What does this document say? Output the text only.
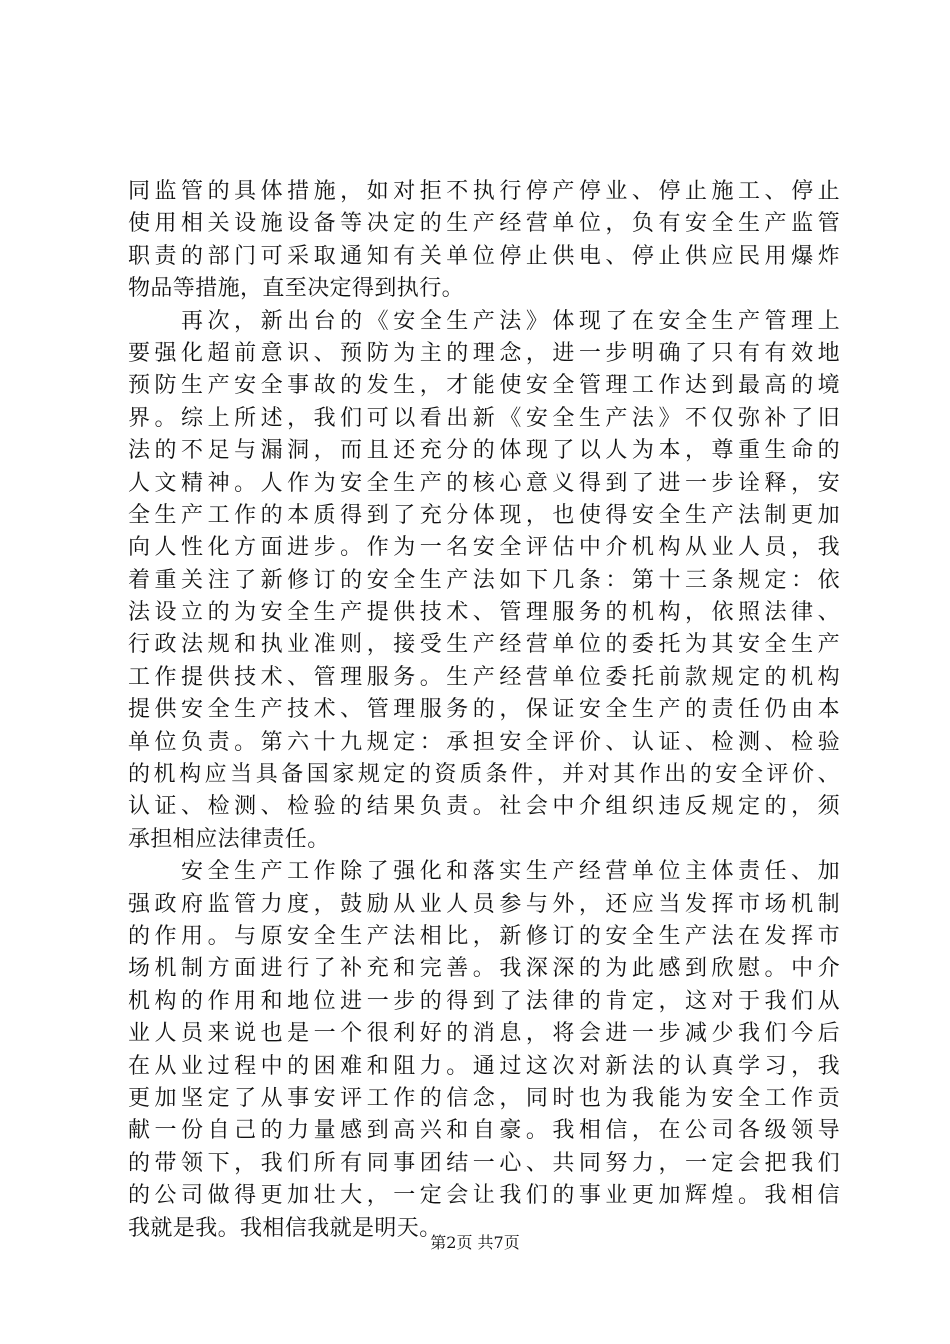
同监管的具体措施，如对拒不执行停产停业、停止施工、停止
使用相关设施设备等决定的生产经营单位，负有安全生产监管
职责的部门可采取通知有关单位停止供电、停止供应民用爆炸
物品等措施，直至决定得到执行。
再次，新出台的《安全生产法》体现了在安全生产管理上
要强化超前意识、预防为主的理念，进一步明确了只有有效地
预防生产安全事故的发生，才能使安全管理工作达到最高的境
界。综上所述，我们可以看出新《安全生产法》不仅弥补了旧
法的不足与漏洞，而且还充分的体现了以人为本，尊重生命的
人文精神。人作为安全生产的核心意义得到了进一步诠释，安
全生产工作的本质得到了充分体现，也使得安全生产法制更加
向人性化方面进步。作为一名安全评估中介机构从业人员，我
着重关注了新修订的安全生产法如下几条：第十三条规定：依
法设立的为安全生产提供技术、管理服务的机构，依照法律、
行政法规和执业准则，接受生产经营单位的委托为其安全生产
工作提供技术、管理服务。生产经营单位委托前款规定的机构
提供安全生产技术、管理服务的，保证安全生产的责任仍由本
单位负责。第六十九规定：承担安全评价、认证、检测、检验
的机构应当具备国家规定的资质条件，并对其作出的安全评价、
认证、检测、检验的结果负责。社会中介组织违反规定的，须
承担相应法律责任。
安全生产工作除了强化和落实生产经营单位主体责任、加
强政府监管力度，鼓励从业人员参与外，还应当发挥市场机制
的作用。与原安全生产法相比，新修订的安全生产法在发挥市
场机制方面进行了补充和完善。我深深的为此感到欣慰。中介
机构的作用和地位进一步的得到了法律的肯定，这对于我们从
业人员来说也是一个很利好的消息，将会进一步减少我们今后
在从业过程中的困难和阻力。通过这次对新法的认真学习，我
更加坚定了从事安评工作的信念，同时也为我能为安全工作贡
献一份自己的力量感到高兴和自豪。我相信，在公司各级领导
的带领下，我们所有同事团结一心、共同努力，一定会把我们
的公司做得更加壮大，一定会让我们的事业更加辉煌。我相信
我就是我。我相信我就是明天。
第2页 共7页
